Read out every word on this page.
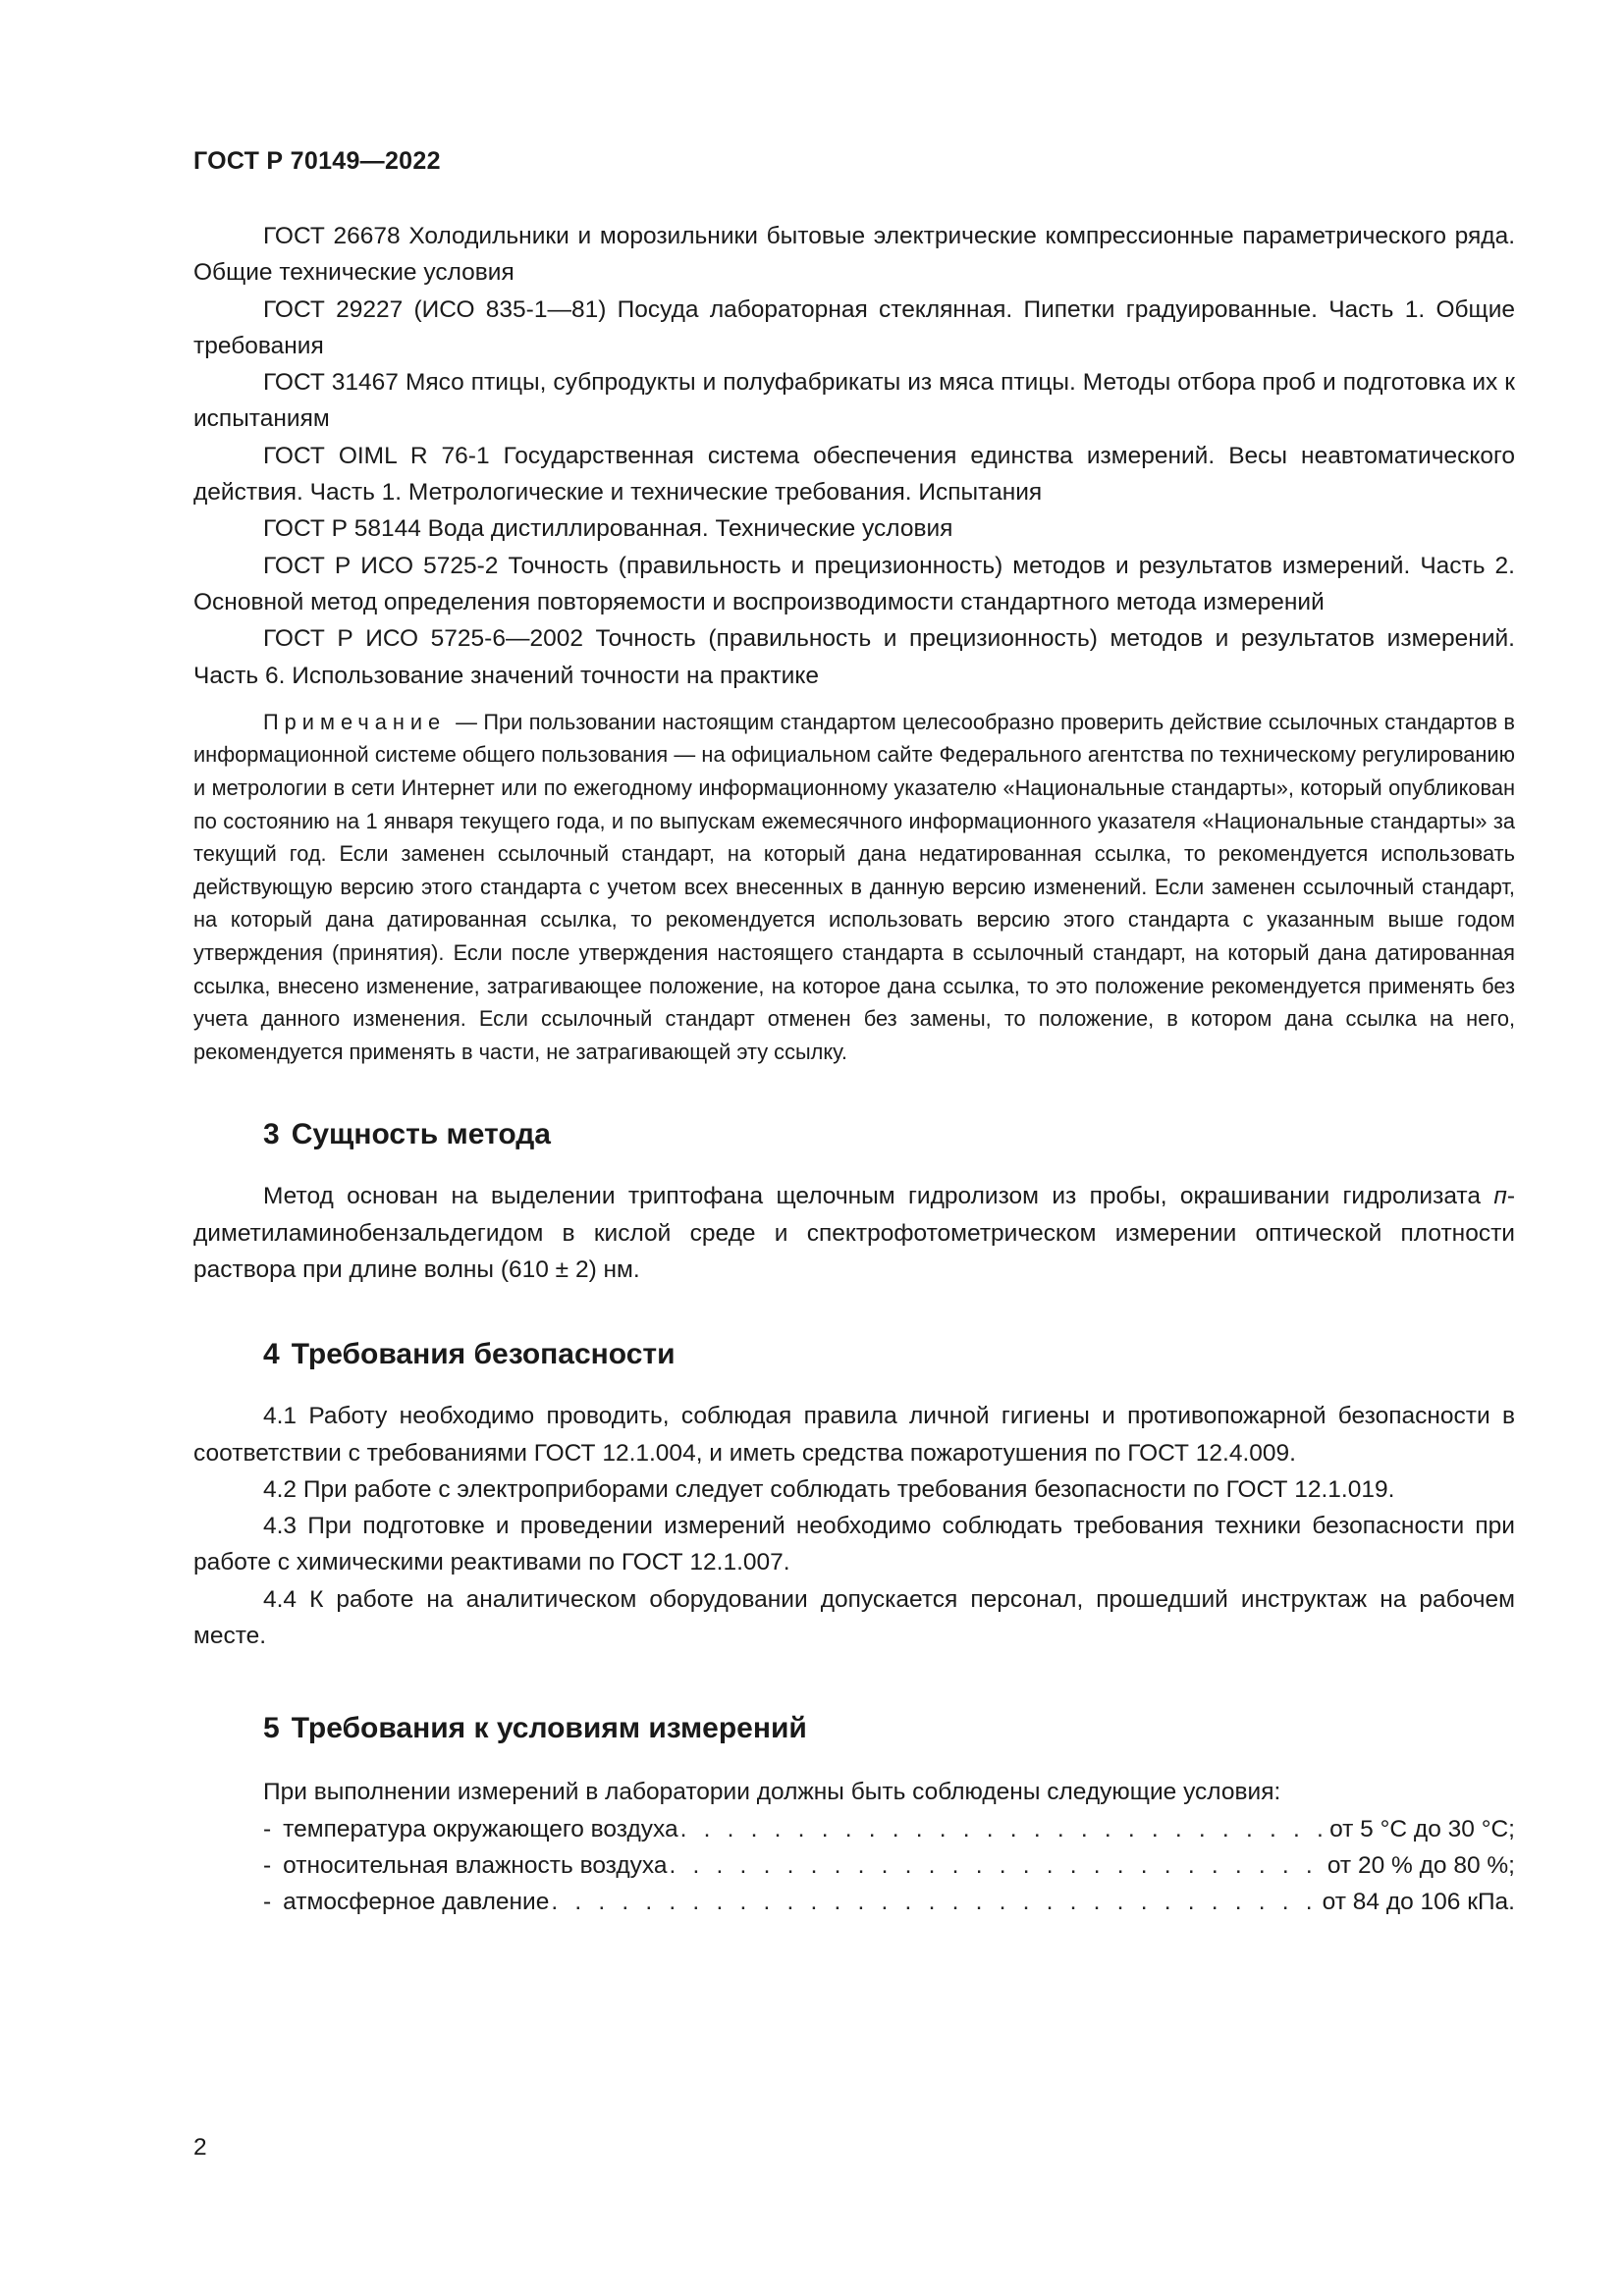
ГОСТ Р 70149—2022

ГОСТ 26678 Холодильники и морозильники бытовые электрические компрессионные параметрического ряда. Общие технические условия

ГОСТ 29227 (ИСО 835-1—81) Посуда лабораторная стеклянная. Пипетки градуированные. Часть 1. Общие требования

ГОСТ 31467 Мясо птицы, субпродукты и полуфабрикаты из мяса птицы. Методы отбора проб и подготовка их к испытаниям

ГОСТ OIML R 76-1 Государственная система обеспечения единства измерений. Весы неавтоматического действия. Часть 1. Метрологические и технические требования. Испытания

ГОСТ Р 58144 Вода дистиллированная. Технические условия

ГОСТ Р ИСО 5725-2 Точность (правильность и прецизионность) методов и результатов измерений. Часть 2. Основной метод определения повторяемости и воспроизводимости стандартного метода измерений

ГОСТ Р ИСО 5725-6—2002 Точность (правильность и прецизионность) методов и результатов измерений. Часть 6. Использование значений точности на практике

Примечание — При пользовании настоящим стандартом целесообразно проверить действие ссылочных стандартов в информационной системе общего пользования — на официальном сайте Федерального агентства по техническому регулированию и метрологии в сети Интернет или по ежегодному информационному указателю «Национальные стандарты», который опубликован по состоянию на 1 января текущего года, и по выпускам ежемесячного информационного указателя «Национальные стандарты» за текущий год. Если заменен ссылочный стандарт, на который дана недатированная ссылка, то рекомендуется использовать действующую версию этого стандарта с учетом всех внесенных в данную версию изменений. Если заменен ссылочный стандарт, на который дана датированная ссылка, то рекомендуется использовать версию этого стандарта с указанным выше годом утверждения (принятия). Если после утверждения настоящего стандарта в ссылочный стандарт, на который дана датированная ссылка, внесено изменение, затрагивающее положение, на которое дана ссылка, то это положение рекомендуется применять без учета данного изменения. Если ссылочный стандарт отменен без замены, то положение, в котором дана ссылка на него, рекомендуется применять в части, не затрагивающей эту ссылку.

3 Сущность метода

Метод основан на выделении триптофана щелочным гидролизом из пробы, окрашивании гидролизата п-диметиламинобензальдегидом в кислой среде и спектрофотометрическом измерении оптической плотности раствора при длине волны (610 ± 2) нм.

4 Требования безопасности

4.1 Работу необходимо проводить, соблюдая правила личной гигиены и противопожарной безопасности в соответствии с требованиями ГОСТ 12.1.004, и иметь средства пожаротушения по ГОСТ 12.4.009.

4.2 При работе с электроприборами следует соблюдать требования безопасности по ГОСТ 12.1.019.

4.3 При подготовке и проведении измерений необходимо соблюдать требования техники безопасности при работе с химическими реактивами по ГОСТ 12.1.007.

4.4 К работе на аналитическом оборудовании допускается персонал, прошедший инструктаж на рабочем месте.

5 Требования к условиям измерений

При выполнении измерений в лаборатории должны быть соблюдены следующие условия:

- температура окружающего воздуха . . .	от 5 °С до 30 °С;
- относительная влажность воздуха . . .	от 20 % до 80 %;
- атмосферное давление . . .	от 84 до 106 кПа.
2
